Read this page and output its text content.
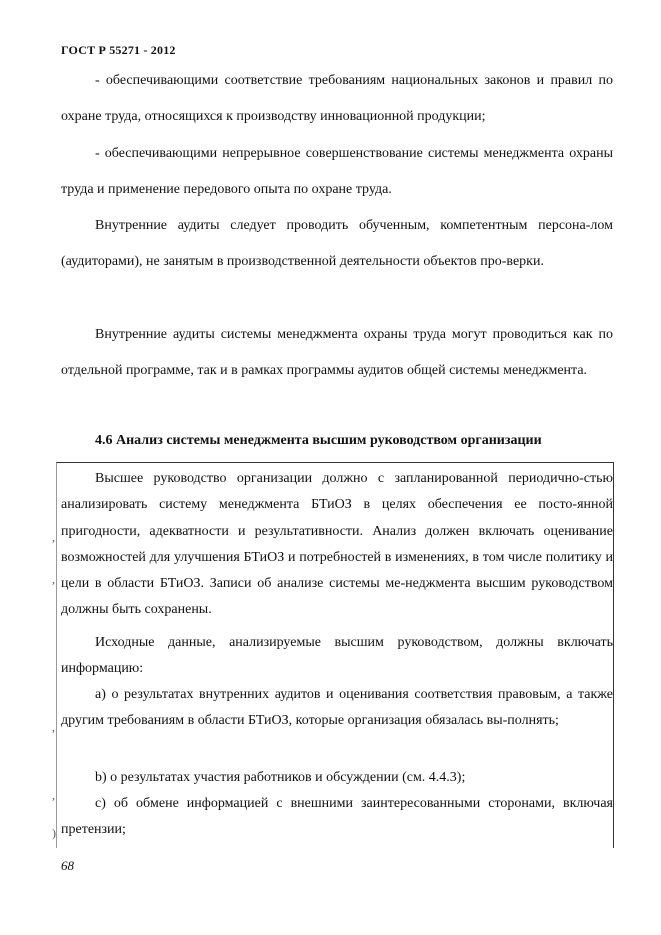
ГОСТ Р 55271 - 2012

- обеспечивающими соответствие требованиям национальных законов и правил по охране труда, относящихся к производству инновационной продукции;

- обеспечивающими непрерывное совершенствование системы менеджмента охраны труда и применение передового опыта по охране труда.

Внутренние аудиты следует проводить обученным, компетентным персона-лом (аудиторами), не занятым в производственной деятельности объектов про-верки.

Внутренние аудиты системы менеджмента охраны труда могут проводиться как по отдельной программе, так и в рамках программы аудитов общей системы менеджмента.

4.6 Анализ системы менеджмента высшим руководством организации

Высшее руководство организации должно с запланированной периодично-стью анализировать систему менеджмента БТиОЗ в целях обеспечения ее посто-янной пригодности, адекватности и результативности. Анализ должен включать оценивание возможностей для улучшения БТиОЗ и потребностей в изменениях, в том числе политику и цели в области БТиОЗ. Записи об анализе системы ме-неджмента высшим руководством должны быть сохранены.

Исходные данные, анализируемые высшим руководством, должны включать информацию:

a) о результатах внутренних аудитов и оценивания соответствия правовым, а также другим требованиям в области БТиОЗ, которые организация обязалась вы-полнять;

b) о результатах участия работников и обсуждении (см. 4.4.3);

c) об обмене информацией с внешними заинтересованными сторонами, включая претензии;

,
,
,
,
)
68
